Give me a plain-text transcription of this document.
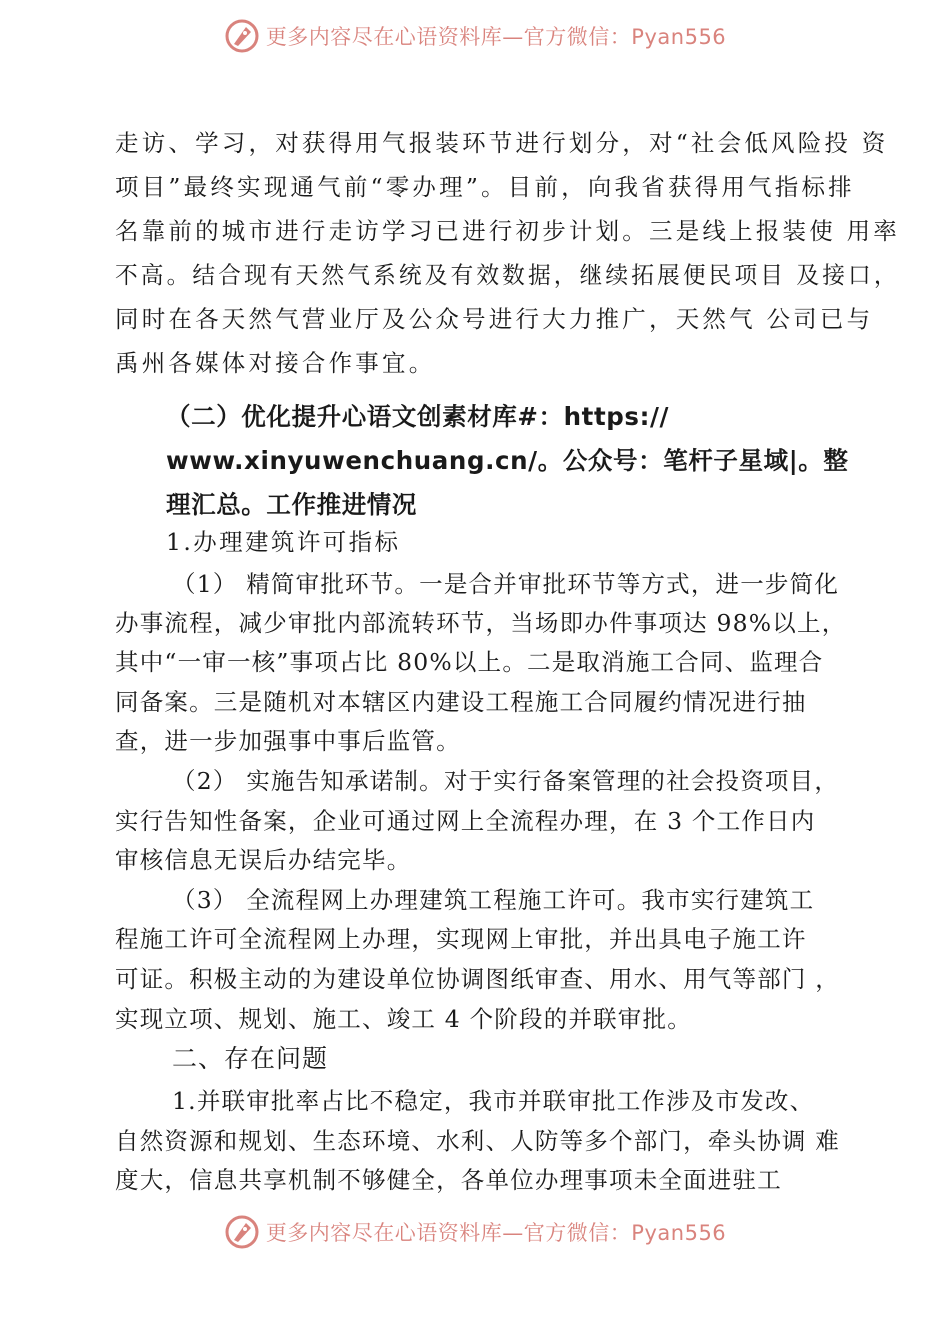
更多内容尽在心语资料库—官方微信：Pyan556
走访、学习，对获得用气报装环节进行划分，对“社会低风险投 资
项目”最终实现通气前“零办理”。目前，向我省获得用气指标排
名靠前的城市进行走访学习已进行初步计划。三是线上报装使 用率
不高。结合现有天然气系统及有效数据，继续拓展便民项目 及接口，
同时在各天然气营业厅及公众号进行大力推广，天然气 公司已与
禹州各媒体对接合作事宜。
（二）优化提升心语文创素材库#：https://
www.xinyuwenchuang.cn/。公众号：笔杆子星域|。整
理汇总。工作推进情况
1.办理建筑许可指标
（1） 精简审批环节。一是合并审批环节等方式，进一步简化
办事流程，减少审批内部流转环节，当场即办件事项达 98%以上，
其中“一审一核”事项占比 80%以上。二是取消施工合同、监理合
同备案。三是随机对本辖区内建设工程施工合同履约情况进行抽
查，进一步加强事中事后监管。
（2） 实施告知承诺制。对于实行备案管理的社会投资项目，
实行告知性备案，企业可通过网上全流程办理，在 3 个工作日内
审核信息无误后办结完毕。
（3） 全流程网上办理建筑工程施工许可。我市实行建筑工
程施工许可全流程网上办理，实现网上审批，并出具电子施工许
可证。积极主动的为建设单位协调图纸审查、用水、用气等部门 ，
实现立项、规划、施工、竣工 4 个阶段的并联审批。
二、存在问题
1.并联审批率占比不稳定，我市并联审批工作涉及市发改、
自然资源和规划、生态环境、水利、人防等多个部门，牵头协调 难
度大，信息共享机制不够健全，各单位办理事项未全面进驻工
更多内容尽在心语资料库—官方微信：Pyan556
